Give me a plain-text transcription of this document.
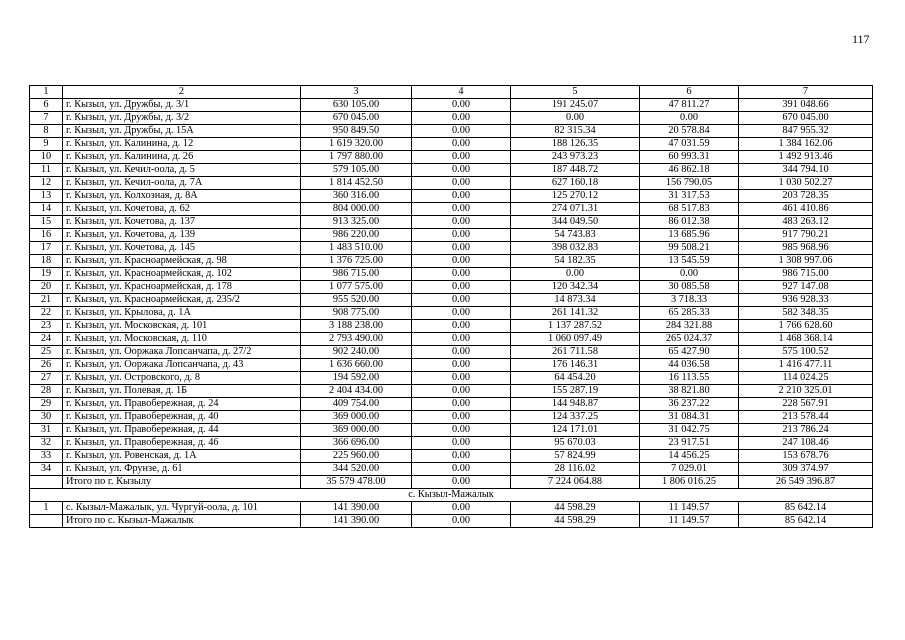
117
1	2	3	4	5	6	7
6	г. Кызыл, ул. Дружбы, д. 3/1	630 105.00	0.00	191 245.07	47 811.27	391 048.66
7	г. Кызыл, ул. Дружбы, д. 3/2	670 045.00	0.00	0.00	0.00	670 045.00
8	г. Кызыл, ул. Дружбы, д. 15А	950 849.50	0.00	82 315.34	20 578.84	847 955.32
9	г. Кызыл, ул. Калинина, д. 12	1 619 320.00	0.00	188 126.35	47 031.59	1 384 162.06
10	г. Кызыл, ул. Калинина, д. 26	1 797 880.00	0.00	243 973.23	60 993.31	1 492 913.46
11	г. Кызыл, ул. Кечил-оола, д. 5	579 105.00	0.00	187 448.72	46 862.18	344 794.10
12	г. Кызыл, ул. Кечил-оола, д. 7А	1 814 452.50	0.00	627 160.18	156 790.05	1 030 502.27
13	г. Кызыл, ул. Колхозная, д. 8А	360 316.00	0.00	125 270.12	31 317.53	203 728.35
14	г. Кызыл, ул. Кочетова, д. 62	804 000.00	0.00	274 071.31	68 517.83	461 410.86
15	г. Кызыл, ул. Кочетова, д. 137	913 325.00	0.00	344 049.50	86 012.38	483 263.12
16	г. Кызыл, ул. Кочетова, д. 139	986 220.00	0.00	54 743.83	13 685.96	917 790.21
17	г. Кызыл, ул. Кочетова, д. 145	1 483 510.00	0.00	398 032.83	99 508.21	985 968.96
18	г. Кызыл, ул. Красноармейская, д. 98	1 376 725.00	0.00	54 182.35	13 545.59	1 308 997.06
19	г. Кызыл, ул. Красноармейская, д. 102	986 715.00	0.00	0.00	0.00	986 715.00
20	г. Кызыл, ул. Красноармейская, д. 178	1 077 575.00	0.00	120 342.34	30 085.58	927 147.08
21	г. Кызыл, ул. Красноармейская, д. 235/2	955 520.00	0.00	14 873.34	3 718.33	936 928.33
22	г. Кызыл, ул. Крылова, д. 1А	908 775.00	0.00	261 141.32	65 285.33	582 348.35
23	г. Кызыл, ул. Московская, д. 101	3 188 238.00	0.00	1 137 287.52	284 321.88	1 766 628.60
24	г. Кызыл, ул. Московская, д. 110	2 793 490.00	0.00	1 060 097.49	265 024.37	1 468 368.14
25	г. Кызыл, ул. Ооржака Лопсанчапа, д. 27/2	902 240.00	0.00	261 711.58	65 427.90	575 100.52
26	г. Кызыл, ул. Ооржака Лопсанчапа, д. 43	1 636 660.00	0.00	176 146.31	44 036.58	1 416 477.11
27	г. Кызыл, ул. Островского, д. 8	194 592.00	0.00	64 454.20	16 113.55	114 024.25
28	г. Кызыл, ул. Полевая, д. 1Б	2 404 434.00	0.00	155 287.19	38 821.80	2 210 325.01
29	г. Кызыл, ул. Правобережная, д. 24	409 754.00	0.00	144 948.87	36 237.22	228 567.91
30	г. Кызыл, ул. Правобережная, д. 40	369 000.00	0.00	124 337.25	31 084.31	213 578.44
31	г. Кызыл, ул. Правобережная, д. 44	369 000.00	0.00	124 171.01	31 042.75	213 786.24
32	г. Кызыл, ул. Правобережная, д. 46	366 696.00	0.00	95 670.03	23 917.51	247 108.46
33	г. Кызыл, ул. Ровенская, д. 1А	225 960.00	0.00	57 824.99	14 456.25	153 678.76
34	г. Кызыл, ул. Фрунзе, д. 61	344 520.00	0.00	28 116.02	7 029.01	309 374.97
	Итого по г. Кызылу	35 579 478.00	0.00	7 224 064.88	1 806 016.25	26 549 396.87
с. Кызыл-Мажалык						
1	с. Кызыл-Мажалык, ул. Чургуй-оола, д. 101	141 390.00	0.00	44 598.29	11 149.57	85 642.14
	Итого по с. Кызыл-Мажалык	141 390.00	0.00	44 598.29	11 149.57	85 642.14
